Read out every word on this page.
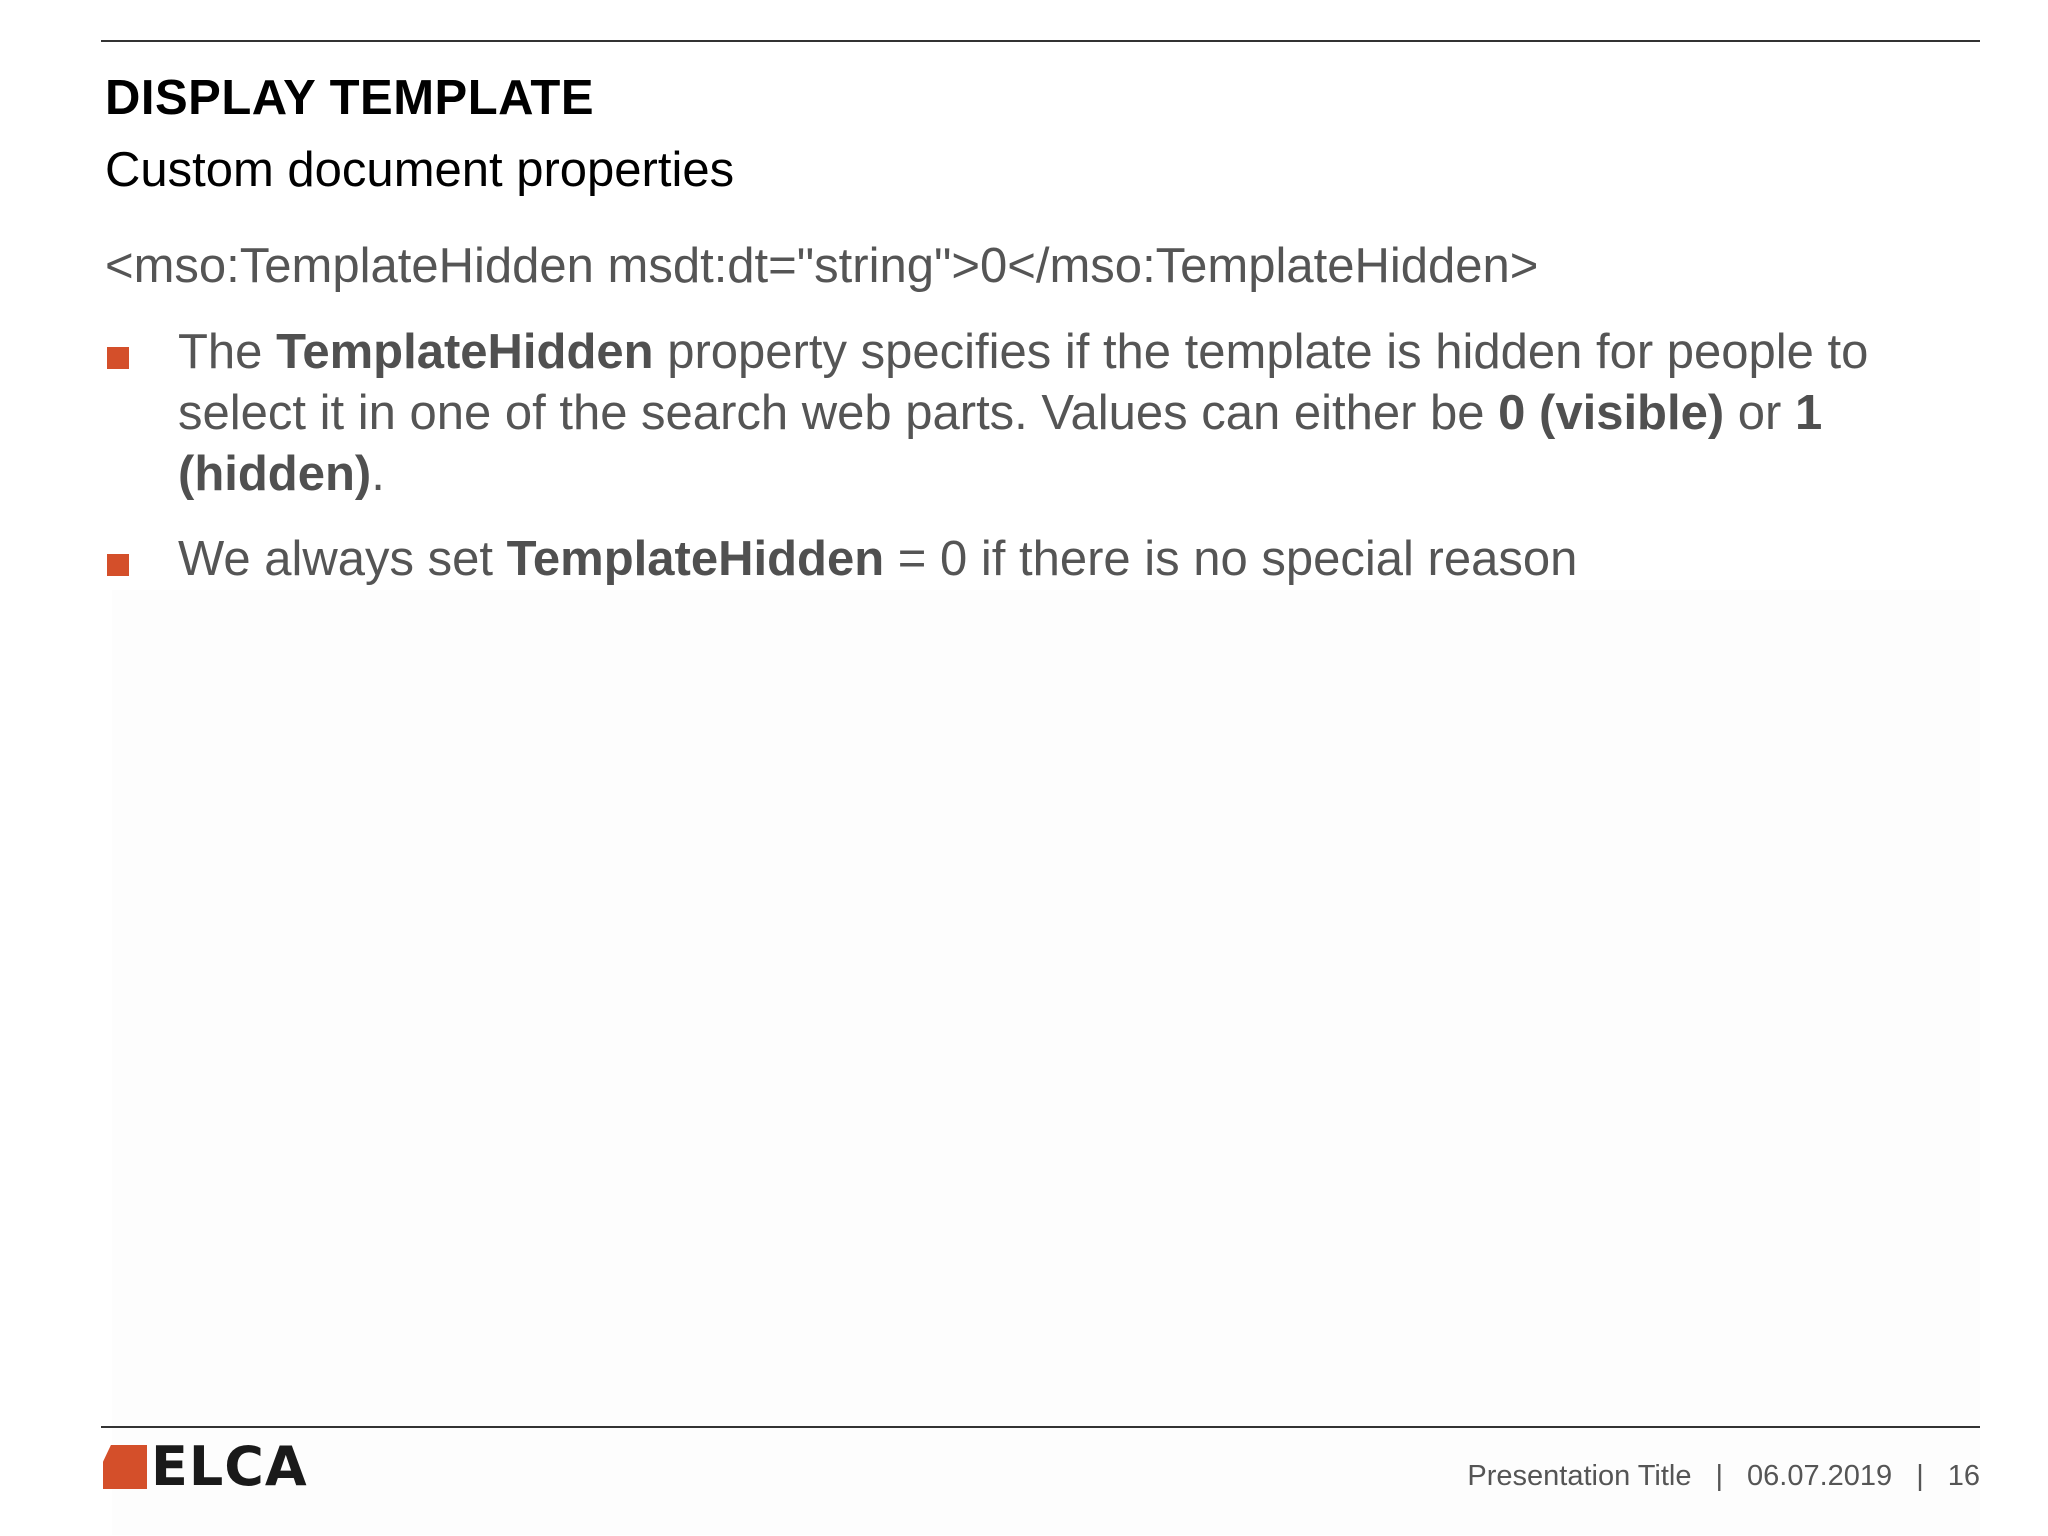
DISPLAY TEMPLATE
Custom document properties
<mso:TemplateHidden msdt:dt="string">0</mso:TemplateHidden>
The TemplateHidden property specifies if the template is hidden for people to select it in one of the search web parts. Values can either be 0 (visible) or 1 (hidden).
We always set TemplateHidden = 0 if there is no special reason
ELCA	Presentation Title | 06.07.2019 | 16
